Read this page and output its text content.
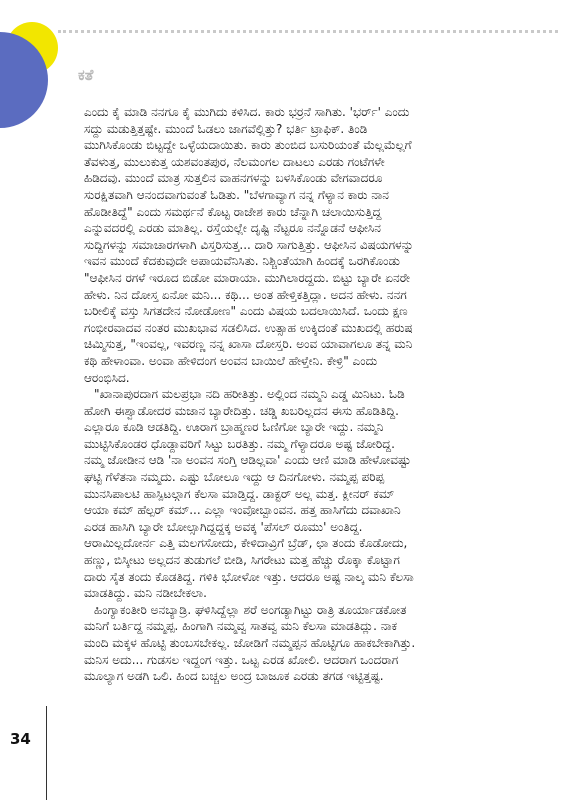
ಕತೆ

ಎಂದು ಕೈ ಮಾಡಿ ನನಗೂ ಕೈ ಮುಗಿದು ಕಳಿಸಿದ. ಕಾರು ಭರ್ರನೆ ಸಾಗಿತು. 'ಭರ್ರ್' ಎಂದು
ಸದ್ದು ಮಡುತ್ತಿತ್ತಷ್ಟೇ. ಮುಂದೆ ಓಡಲು ಜಾಗವೆಲ್ಲಿತ್ತು? ಭರ್ತಿ ಟ್ರಾಫಿಕ್. ತಿಂಡಿ
ಮುಗಿಸಿಕೊಂಡು ಬಿಟ್ಟದ್ದೇ ಒಳ್ಳೆಯದಾಯಿತು. ಕಾರು ತುಂಬಿದ ಬಸುರಿಯಂತೆ ಮೆಲ್ಲಮೆಲ್ಲಗೆ
ತೆವಳುತ್ತ, ಮುಲುಕುತ್ತ ಯಶವಂತಪುರ, ನೆಲಮಂಗಲ ದಾಟಲು ಎರಡು ಗಂಟೆಗಳೇ
ಹಿಡಿದವು. ಮುಂದೆ ಮಾತ್ರ ಸುತ್ತಲಿನ ವಾಹನಗಳನ್ನು ಬಳಸಿಕೊಂಡು ವೇಗವಾದರೂ
ಸುರಕ್ಷಿತವಾಗಿ ಆನಂದವಾಗುವಂತೆ ಓಡಿತು. "ಬೆಳಗಾವ್ಯಾಗ ನನ್ನ ಗೆಳ್ಯಾನ ಕಾರು ನಾನ
ಹೊಡೀತಿದ್ದೆ" ಎಂದು ಸಮರ್ಥನೆ ಕೊಟ್ಟ ರಾಜೇಶ ಕಾರು ಚೆನ್ನಾಗಿ ಚಲಾಯಿಸುತ್ತಿದ್ದ
ಎನ್ನುವದರಲ್ಲಿ ಎರಡು ಮಾತಿಲ್ಲ. ರಸ್ತೆಯಲ್ಲೇ ದೃಷ್ಟಿ ನೆಟ್ಟರೂ ನನ್ನೊಡನೆ ಆಫೀಸಿನ
ಸುದ್ದಿಗಳನ್ನು ಸಮಾಚಾರಗಳಾಗಿ ವಿಸ್ತರಿಸುತ್ತ... ದಾರಿ ಸಾಗುತ್ತಿತ್ತು. ಆಫೀಸಿನ ವಿಷಯಗಳನ್ನು
ಇವನ ಮುಂದೆ ಕೆದಕುವುದೇ ಅಪಾಯವೆನಿಸಿತು. ನಿಶ್ಚಿಂತೆಯಾಗಿ ಹಿಂದಕ್ಕೆ ಒರಗಿಕೊಂಡು
"ಆಫೀಸಿನ ರಗಳೆ ಇರೂದ ಬಿಡೋ ಮಾರಾಯಾ. ಮುಗಿಲಾರದ್ದದು. ಬಿಟ್ಟು ಬ್ಯಾರೇ ಏನರೇ
ಹೇಳು. ನಿನ ದೋಸ್ತ ಏನೋ ಮನಿ... ಕಥಿ... ಅಂತ ಹೇಳ್ತಿಕತ್ತಿದ್ಲಾ. ಅದನ ಹೇಳು. ನನಗ
ಬರೀಲಿಕ್ಕೆ ವಸ್ತು ಸಿಗತದೇನ ನೋಡೋಣ" ಎಂದು ವಿಷಯ ಬದಲಾಯಿಸಿದೆ. ಒಂದು ಕ್ಷಣ
ಗಂಭೀರವಾದವ ನಂತರ ಮುಖಭಾವ ಸಡಲಿಸಿದ. ಉತ್ಸಾಹ ಉಕ್ಕಿದಂತೆ ಮುಖದಲ್ಲಿ ಹರುಷ
ಚಿಮ್ಮಿಸುತ್ತ, "ಇಂವಲ್ಲ, ಇವರಣ್ಣ ನನ್ನ ಖಾಸಾ ದೋಸ್ತರಿ. ಅಂವ ಯಾವಾಗಲೂ ತನ್ನ ಮನಿ
ಕಥಿ ಹೇಳಾಂವಾ. ಅಂವಾ ಹೇಳಿದಂಗ ಅಂವನ ಬಾಯಿಲೆ ಹೇಳ್ತೇನಿ. ಕೇಳ್ರಿ" ಎಂದು
ಆರಂಭಿಸಿದ.

"ಖಾನಾಪುರದಾಗ ಮಲಪ್ರಭಾ ನದಿ ಹರೀತಿತ್ತು. ಅಲ್ಲಿಂದ ನಮ್ಮನಿ ಎಡ್ಡ ಮಿನಿಟು. ಓಡಿ
ಹೋಗಿ ಈಶ್ವಾಡೋದರ ಮಜಾನ ಬ್ಯಾರೇದಿತ್ತು. ಚಡ್ಡಿ ಖಬರಿಲ್ಲದನ ಈಸು ಹೊಡಿತಿದ್ದಿ.
ಎಲ್ಲಾರೂ ಕೂಡಿ ಆಡತಿದ್ದಿ. ಊರಾಗ ಬ್ರಾಹ್ಮಣರ ಓಣಿಗೋ ಬ್ಯಾರೇ ಇದ್ದು. ನಮ್ಮನಿ
ಮುಟ್ಟಿಸಿಕೊಂಡರ ಧೊಡ್ದಾವರಿಗೆ ಸಿಟ್ಟು ಬರತಿತ್ತು. ನಮ್ಮ ಗೆಳ್ಯಾದರೂ ಅಷ್ಟ ಜೋರಿದ್ದ.
ನಮ್ಮ ಜೋಡೀನ ಆಡಿ 'ನಾ ಅಂವನ ಸಂಗ್ತಿ ಆಡಿಲ್ಲವಾ' ಎಂದು ಆಣಿ ಮಾಡಿ ಹೇಳೋವಷ್ಟು
ಘಟ್ಟಿ ಗೆಳೆತನಾ ನಮ್ಮದು. ಎಷ್ಟು ಬೋಲೂ ಇದ್ದು ಆ ದಿನಗೋಳು. ನಮ್ಮಪ್ಪ ಪರಿಪ್ಪ
ಮುನಸಿಪಾಲಟಿ ಹಾಸ್ಪಿಟಲ್ಗಾಗ ಕೆಲಸಾ ಮಾಡ್ತಿದ್ದ. ಡಾಕ್ಟರ್ ಅಲ್ಲ ಮತ್ತ. ಕ್ಲೀನರ್ ಕಮ್
ಆಯಾ ಕಮ್ ಹೆಲ್ಪರ್ ಕಮ್... ಎಲ್ಲಾ ಇಂವೋಬ್ಬಾಂವನ. ಹತ್ತ ಹಾಸಿಗೆದು ದವಾಖಾನಿ
ಎರಡ ಹಾಸಿಗಿ ಬ್ಯಾರೇ ಬೋಲ್ಸಾಗಿದ್ದದ್ದಕ್ಕ ಅವಕ್ಕ 'ಪೆಸಲ್ ರೂಮು' ಅಂತಿದ್ದ.
ಆರಾಮಿಲ್ಲದೋರ್ನ ಎತ್ತಿ ಮಲಗಸೋದು, ಕೇಳಿದಾವ್ರಿಗೆ ಬ್ರೆಡ್, ಛಾ ತಂದು ಕೊಡೋದು,
ಹಣ್ಣು, ಬಿಸ್ಕೀಟು ಅಲ್ಲದನ ತುಡುಗಲೆ ಬೀಡಿ, ಸಿಗರೇಟು ಮತ್ತ ಹೆಚ್ಚು ರೊಕ್ಕಾ ಕೊಟ್ಟಾಗ
ದಾರು ಸೈತ ತಂದು ಕೊಡತಿದ್ದ. ಗಳಿಕಿ ಭೋಳೋ ಇತ್ತು. ಆದರೂ ಅಷ್ಟ ನಾಲ್ಕ ಮನಿ ಕೆಲಸಾ
ಮಾಡತಿದ್ದು. ಮನಿ ನಡೀಬೇಕಲಾ.

ಹಿಂಗ್ಯಾಕಂತೀರಿ ಅನಬ್ಯಾಡ್ರಿ. ಘಳಿಸಿದ್ದೆಲ್ಲಾ ಶರೆ ಅಂಗಡ್ಯಾಗಿಟ್ಟು ರಾತ್ರಿ ತೂರ್ಯಾಡಕೋತ
ಮನಿಗೆ ಬರ್ತಿದ್ದ ನಮ್ಮಪ್ಪ. ಹಿಂಗಾಗಿ ನಮ್ಮವ್ವ ಸಾತವ್ವ ಮನಿ ಕೆಲಸಾ ಮಾಡತಿದ್ಲು. ನಾಕ
ಮಂದಿ ಮಕ್ಕಳ ಹೊಟ್ಟಿ ತುಂಬಸಬೇಕಲ್ಲ. ಜೋಡಿಗೆ ನಮ್ಮಪ್ಪನ ಹೊಟ್ಟಿಗೂ ಹಾಕಬೇಕಾಗಿತ್ತು.
ಮನಿಸ ಅದು... ಗುಡಸಲ ಇದ್ದಂಗ ಇತ್ತು. ಒಟ್ಟ ಎರಡ ಖೋಲಿ. ಆದರಾಗ ಒಂದರಾಗ
ಮೂಲ್ಯಾಗ ಅಡಗಿ ಒಲಿ. ಹಿಂದ ಬಚ್ಚಲ ಅಂದ್ರ ಬಾಜೂಕ ಎರಡು ತಗಡ ಇಟ್ಟಿತ್ತಷ್ಟ.

34
